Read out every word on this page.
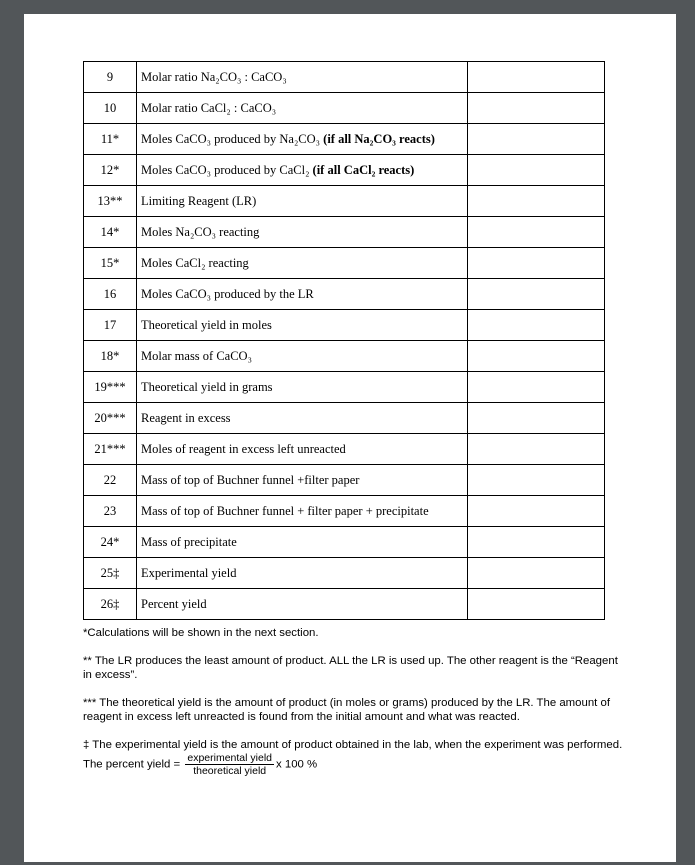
9	Molar ratio Na₂CO₃ : CaCO₃	
10	Molar ratio CaCl₂ : CaCO₃	
11*	Moles CaCO₃ produced by Na₂CO₃ (if all Na₂CO₃ reacts)	
12*	Moles CaCO₃ produced by CaCl₂ (if all CaCl₂ reacts)	
13**	Limiting Reagent (LR)	
14*	Moles Na₂CO₃ reacting	
15*	Moles CaCl₂ reacting	
16	Moles CaCO₃ produced by the LR	
17	Theoretical yield in moles	
18*	Molar mass of CaCO₃	
19***	Theoretical yield in grams	
20***	Reagent in excess	
21***	Moles of reagent in excess left unreacted	
22	Mass of top of Buchner funnel +filter paper	
23	Mass of top of Buchner funnel + filter paper + precipitate	
24*	Mass of precipitate	
25‡	Experimental yield	
26‡	Percent yield	

*Calculations will be shown in the next section.

** The LR produces the least amount of product. ALL the LR is used up. The other reagent is the “Reagent in excess”.

*** The theoretical yield is the amount of product (in moles or grams) produced by the LR. The amount of reagent in excess left unreacted is found from the initial amount and what was reacted.

‡ The experimental yield is the amount of product obtained in the lab, when the experiment was performed. The percent yield = $\frac{\text{experimental yield}}{\text{theoretical yield}}$ x 100 %
